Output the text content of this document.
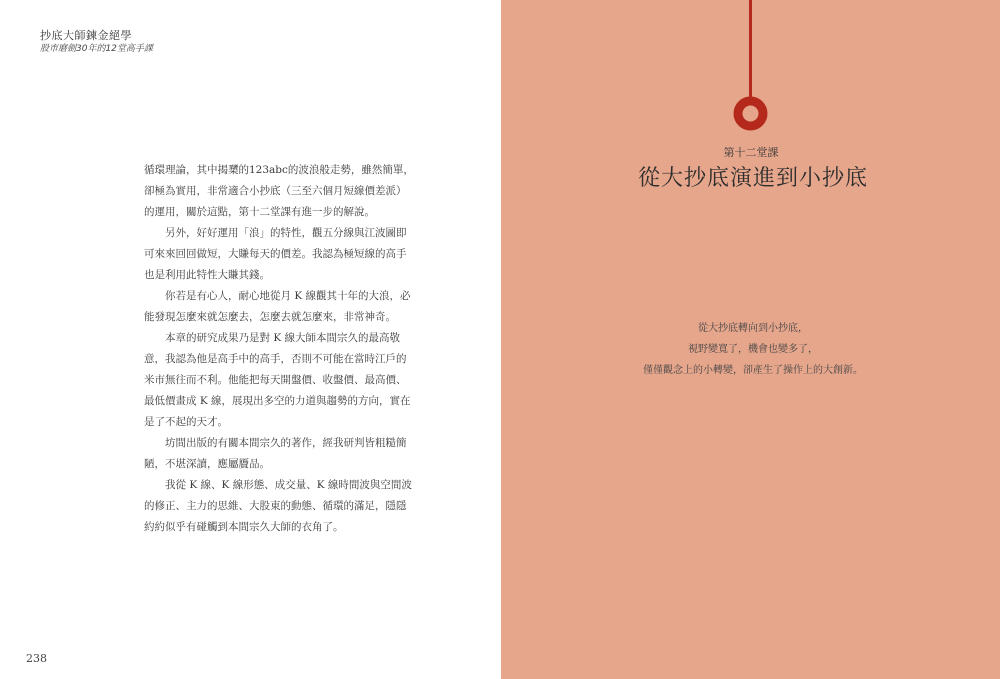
抄底大師鍊金絕學
股市磨劍30年的12堂高手課

循環理論，其中揭櫫的123abc的波浪般走勢，雖然簡單，

卻極為實用，非常適合小抄底（三至六個月短線價差派）

的運用，關於這點，第十二堂課有進一步的解說。

另外，好好運用「浪」的特性，觀五分線與江波圖即

可來來回回做短，大賺每天的價差。我認為極短線的高手

也是利用此特性大賺其錢。

你若是有心人，耐心地從月 K 線觀其十年的大浪，必

能發現怎麼來就怎麼去，怎麼去就怎麼來，非常神奇。

本章的研究成果乃是對 K 線大師本間宗久的最高敬

意，我認為他是高手中的高手，否則不可能在當時江戶的

米市無往而不利。他能把每天開盤價、收盤價、最高價、

最低價畫成 K 線，展現出多空的力道與趨勢的方向，實在

是了不起的天才。

坊間出版的有關本間宗久的著作，經我研判皆粗糙簡

陋，不堪深讀，應屬贗品。

我從 K 線、K 線形態、成交量、K 線時間波與空間波

的修正、主力的思維、大股東的動態、循環的滿足，隱隱

約約似乎有碰觸到本間宗久大師的衣角了。

238
第十二堂課
從大抄底演進到小抄底

從大抄底轉向到小抄底，

視野變寬了，機會也變多了，

僅僅觀念上的小轉變，卻產生了操作上的大創新。
